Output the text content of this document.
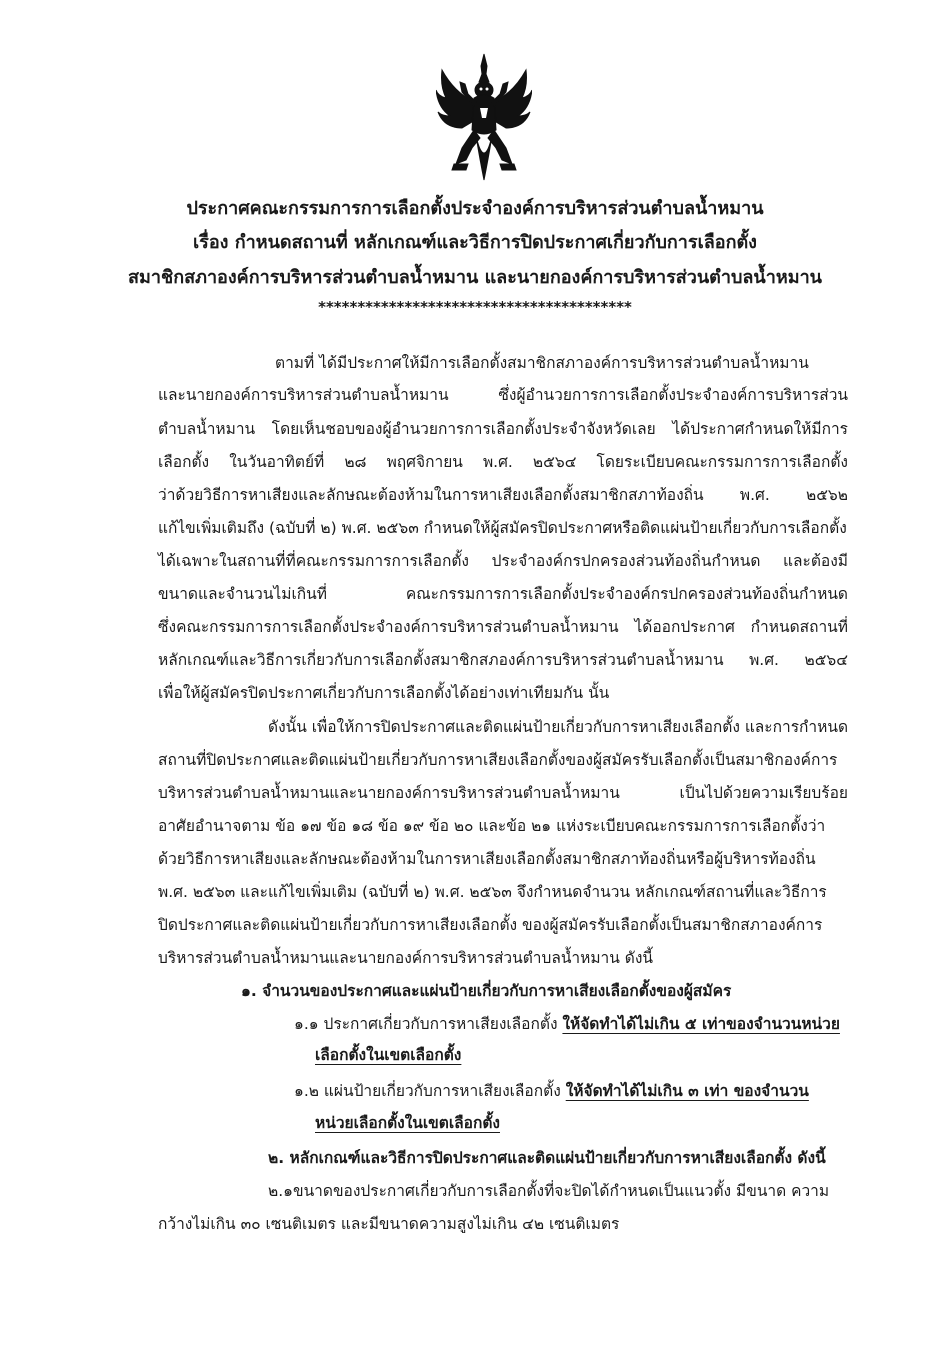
ประกาศคณะกรรมการการเลือกตั้งประจำองค์การบริหารส่วนตำบลน้ำหมาน
เรื่อง กำหนดสถานที่ หลักเกณฑ์และวิธีการปิดประกาศเกี่ยวกับการเลือกตั้ง
สมาชิกสภาองค์การบริหารส่วนตำบลน้ำหมาน และนายกองค์การบริหารส่วนตำบลน้ำหมาน
****************************************
ตามที่ ได้มีประกาศให้มีการเลือกตั้งสมาชิกสภาองค์การบริหารส่วนตำบลน้ำหมาน
และนายกองค์การบริหารส่วนตำบลน้ำหมาน ซึ่งผู้อำนวยการการเลือกตั้งประจำองค์การบริหารส่วน
ตำบลน้ำหมาน โดยเห็นชอบของผู้อำนวยการการเลือกตั้งประจำจังหวัดเลย ได้ประกาศกำหนดให้มีการ
เลือกตั้ง ในวันอาทิตย์ที่ ๒๘ พฤศจิกายน พ.ศ. ๒๕๖๔ โดยระเบียบคณะกรรมการการเลือกตั้ง
ว่าด้วยวิธีการหาเสียงและลักษณะต้องห้ามในการหาเสียงเลือกตั้งสมาชิกสภาท้องถิ่น พ.ศ. ๒๕๖๒
แก้ไขเพิ่มเติมถึง (ฉบับที่ ๒) พ.ศ. ๒๕๖๓ กำหนดให้ผู้สมัครปิดประกาศหรือติดแผ่นป้ายเกี่ยวกับการเลือกตั้ง
ได้เฉพาะในสถานที่ที่คณะกรรมการการเลือกตั้ง ประจำองค์กรปกครองส่วนท้องถิ่นกำหนด และต้องมี
ขนาดและจำนวนไม่เกินที่ คณะกรรมการการเลือกตั้งประจำองค์กรปกครองส่วนท้องถิ่นกำหนด
ซึ่งคณะกรรมการการเลือกตั้งประจำองค์การบริหารส่วนตำบลน้ำหมาน ได้ออกประกาศ กำหนดสถานที่
หลักเกณฑ์และวิธีการเกี่ยวกับการเลือกตั้งสมาชิกสภองค์การบริหารส่วนตำบลน้ำหมาน พ.ศ. ๒๕๖๔
เพื่อให้ผู้สมัครปิดประกาศเกี่ยวกับการเลือกตั้งได้อย่างเท่าเทียมกัน นั้น
ดังนั้น เพื่อให้การปิดประกาศและติดแผ่นป้ายเกี่ยวกับการหาเสียงเลือกตั้ง และการกำหนด
สถานที่ปิดประกาศและติดแผ่นป้ายเกี่ยวกับการหาเสียงเลือกตั้งของผู้สมัครรับเลือกตั้งเป็นสมาชิกองค์การ
บริหารส่วนตำบลน้ำหมานและนายกองค์การบริหารส่วนตำบลน้ำหมาน เป็นไปด้วยความเรียบร้อย
อาศัยอำนาจตาม ข้อ ๑๗ ข้อ ๑๘ ข้อ ๑๙ ข้อ ๒๐ และข้อ ๒๑ แห่งระเบียบคณะกรรมการการเลือกตั้งว่า
ด้วยวิธีการหาเสียงและลักษณะต้องห้ามในการหาเสียงเลือกตั้งสมาชิกสภาท้องถิ่นหรือผู้บริหารท้องถิ่น
พ.ศ. ๒๕๖๓ และแก้ไขเพิ่มเติม (ฉบับที่ ๒) พ.ศ. ๒๕๖๓ จึงกำหนดจำนวน หลักเกณฑ์สถานที่และวิธีการ
ปิดประกาศและติดแผ่นป้ายเกี่ยวกับการหาเสียงเลือกตั้ง ของผู้สมัครรับเลือกตั้งเป็นสมาชิกสภาองค์การ
บริหารส่วนตำบลน้ำหมานและนายกองค์การบริหารส่วนตำบลน้ำหมาน ดังนี้
๑. จำนวนของประกาศและแผ่นป้ายเกี่ยวกับการหาเสียงเลือกตั้งของผู้สมัคร
๑.๑ ประกาศเกี่ยวกับการหาเสียงเลือกตั้ง ให้จัดทำได้ไม่เกิน ๕ เท่าของจำนวนหน่วย
เลือกตั้งในเขตเลือกตั้ง
๑.๒ แผ่นป้ายเกี่ยวกับการหาเสียงเลือกตั้ง ให้จัดทำได้ไม่เกิน ๓ เท่า ของจำนวน
หน่วยเลือกตั้งในเขตเลือกตั้ง
๒. หลักเกณฑ์และวิธีการปิดประกาศและติดแผ่นป้ายเกี่ยวกับการหาเสียงเลือกตั้ง ดังนี้
๒.๑ขนาดของประกาศเกี่ยวกับการเลือกตั้งที่จะปิดได้กำหนดเป็นแนวตั้ง มีขนาด ความ
กว้างไม่เกิน ๓๐ เซนติเมตร และมีขนาดความสูงไม่เกิน ๔๒ เซนติเมตร
